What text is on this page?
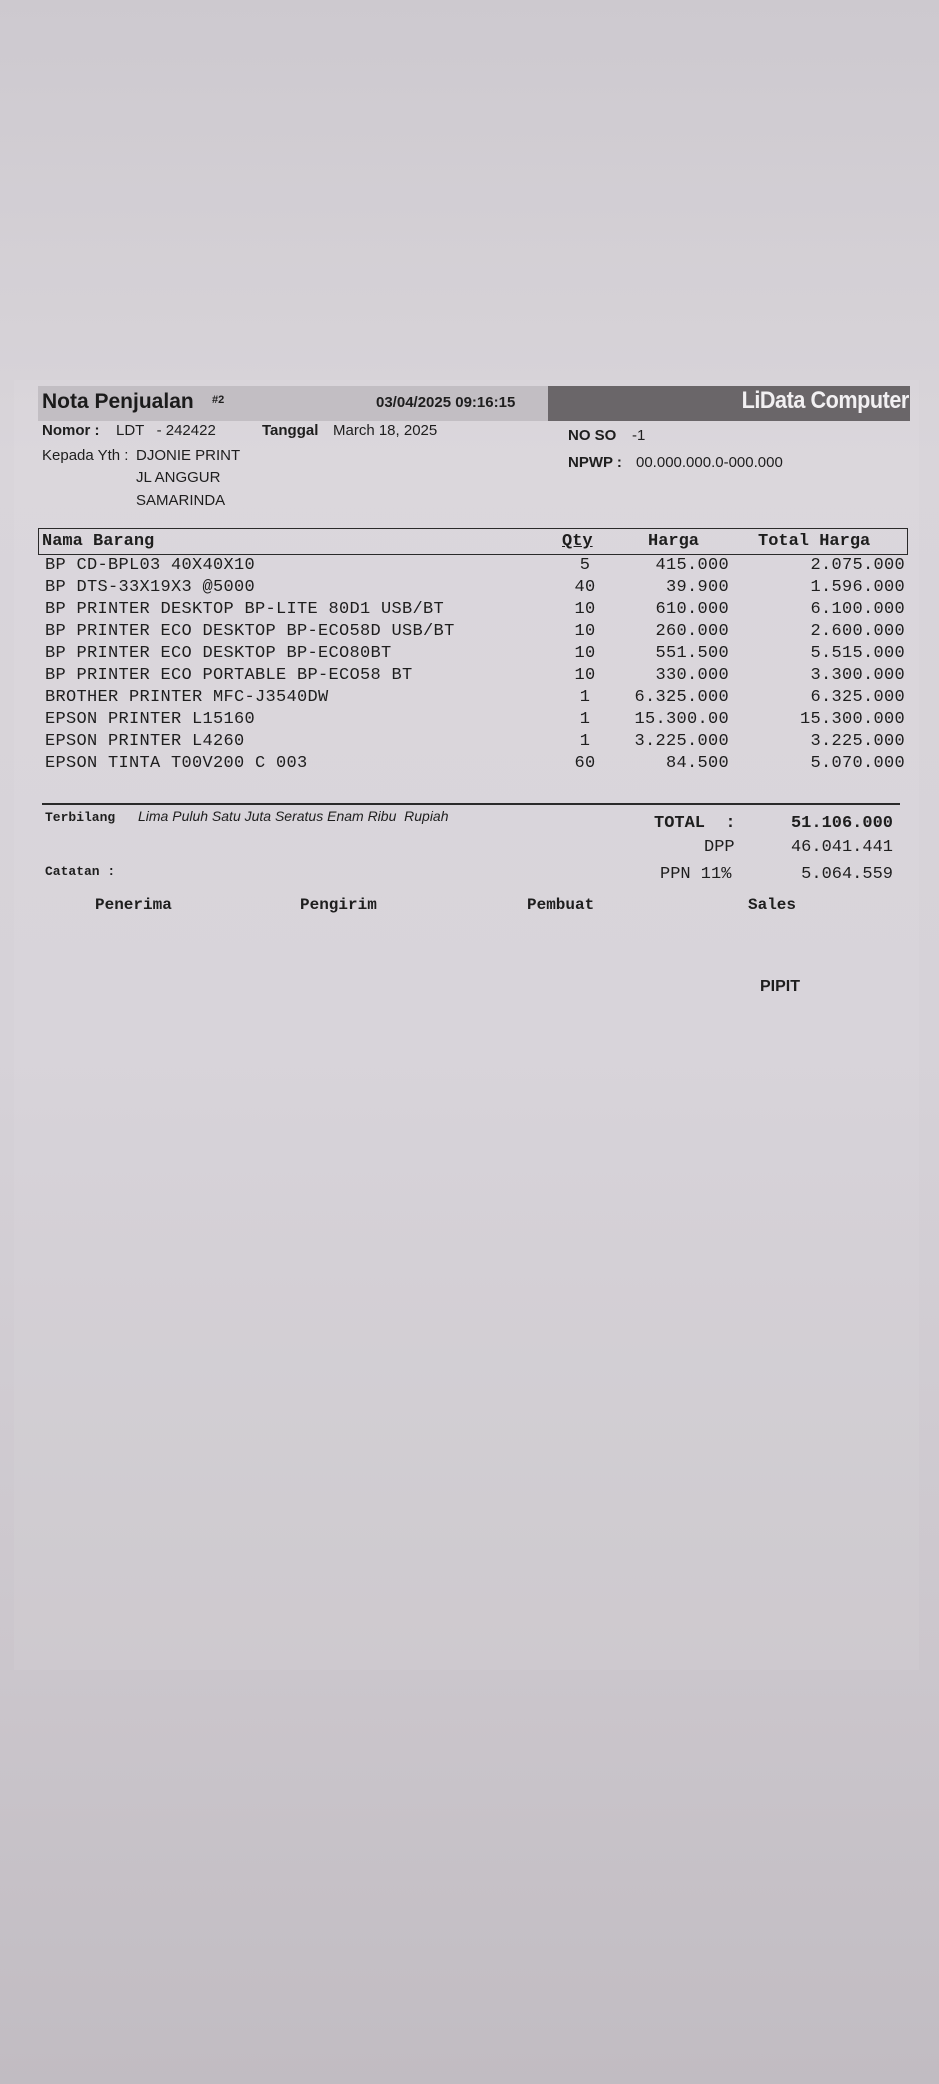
Nota Penjualan #2	03/04/2025 09:16:15	LiData Computer
Nomor : LDT   - 242422	Tanggal March 18, 2025	NO SO -1
NPWP : 00.000.000.0-000.000
Kepada Yth : DJONIE PRINT
JL ANGGUR
SAMARINDA
Nama Barang	Qty	Harga	Total Harga
BP CD-BPL03 40X40X10	5	415.000	2.075.000
BP DTS-33X19X3 @5000	40	39.900	1.596.000
BP PRINTER DESKTOP BP-LITE 80D1 USB/BT	10	610.000	6.100.000
BP PRINTER ECO DESKTOP BP-ECO58D USB/BT	10	260.000	2.600.000
BP PRINTER ECO DESKTOP BP-ECO80BT	10	551.500	5.515.000
BP PRINTER ECO PORTABLE BP-ECO58 BT	10	330.000	3.300.000
BROTHER PRINTER MFC-J3540DW	1	6.325.000	6.325.000
EPSON PRINTER L15160	1	15.300.00	15.300.000
EPSON PRINTER L4260	1	3.225.000	3.225.000
EPSON TINTA T00V200 C 003	60	84.500	5.070.000
Terbilang Lima Puluh Satu Juta Seratus Enam Ribu  Rupiah	TOTAL  :	51.106.000
DPP	46.041.441
PPN 11%	5.064.559
Catatan :
Penerima	Pengirim	Pembuat	Sales
PIPIT
